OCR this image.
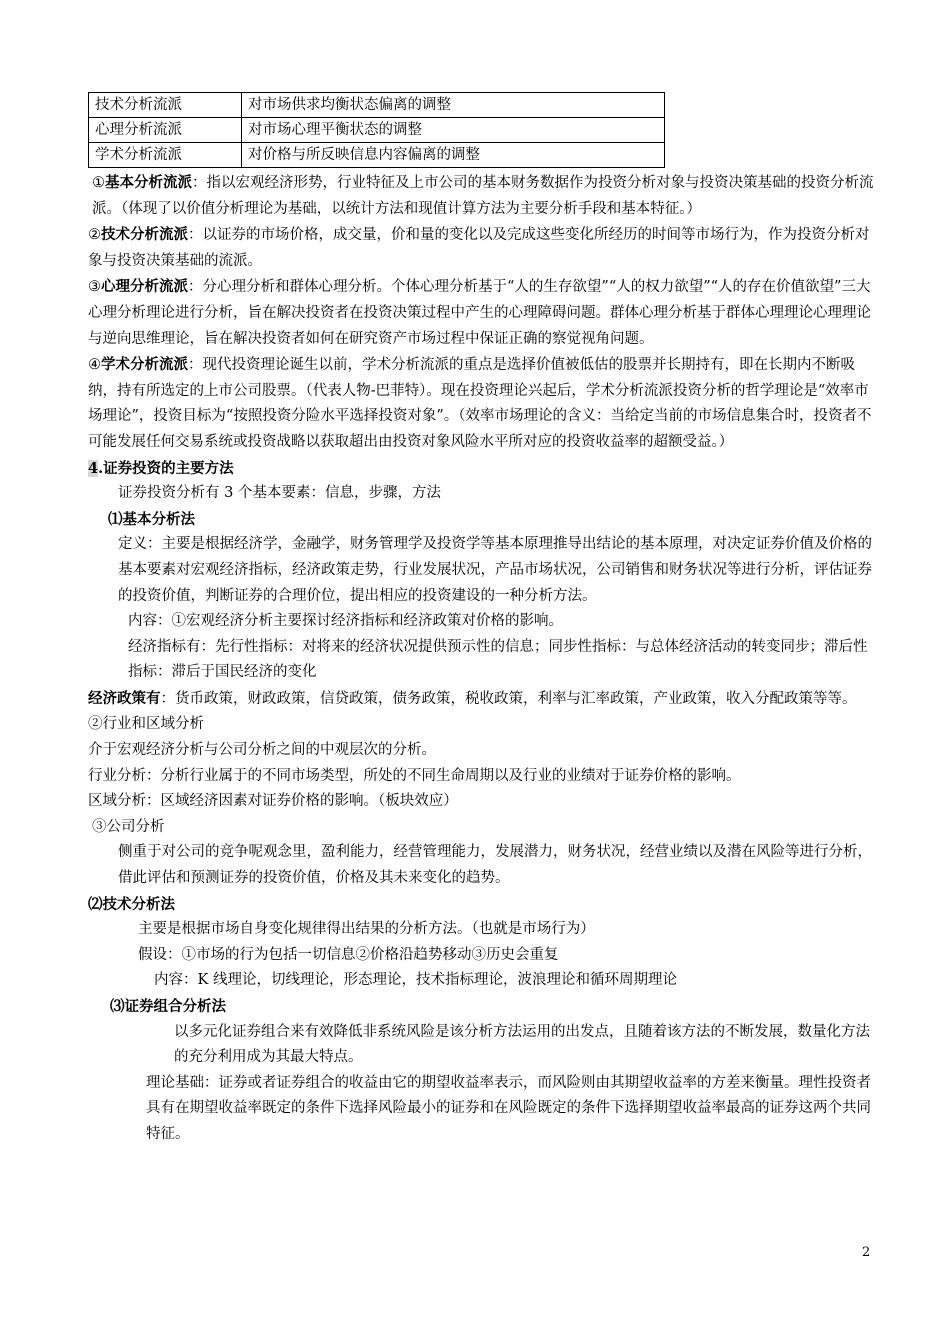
技术分析流派	对市场供求均衡状态偏离的调整
心理分析流派	对市场心理平衡状态的调整
学术分析流派	对价格与所反映信息内容偏离的调整

①基本分析流派：指以宏观经济形势，行业特征及上市公司的基本财务数据作为投资分析对象与投资决策基础的投资分析流派。（体现了以价值分析理论为基础，以统计方法和现值计算方法为主要分析手段和基本特征。）

②技术分析流派：以证券的市场价格，成交量，价和量的变化以及完成这些变化所经历的时间等市场行为，作为投资分析对象与投资决策基础的流派。

③心理分析流派：分心理分析和群体心理分析。个体心理分析基于“人的生存欲望”“人的权力欲望”“人的存在价值欲望”三大心理分析理论进行分析，旨在解决投资者在投资决策过程中产生的心理障碍问题。群体心理分析基于群体心理理论心理理论与逆向思维理论，旨在解决投资者如何在研究资产市场过程中保证正确的察觉视角问题。

④学术分析流派：现代投资理论诞生以前，学术分析流派的重点是选择价值被低估的股票并长期持有，即在长期内不断吸纳，持有所选定的上市公司股票。（代表人物-巴菲特）。现在投资理论兴起后，学术分析流派投资分析的哲学理论是“效率市场理论”，投资目标为“按照投资分险水平选择投资对象”。（效率市场理论的含义：当给定当前的市场信息集合时，投资者不可能发展任何交易系统或投资战略以获取超出由投资对象风险水平所对应的投资收益率的超额受益。）

4.证券投资的主要方法

证券投资分析有 3 个基本要素：信息，步骤，方法

⑴基本分析法

定义：主要是根据经济学，金融学，财务管理学及投资学等基本原理推导出结论的基本原理，对决定证券价值及价格的基本要素对宏观经济指标，经济政策走势，行业发展状况，产品市场状况，公司销售和财务状况等进行分析，评估证券的投资价值，判断证券的合理价位，提出相应的投资建设的一种分析方法。

内容：①宏观经济分析主要探讨经济指标和经济政策对价格的影响。

经济指标有：先行性指标：对将来的经济状况提供预示性的信息；同步性指标：与总体经济活动的转变同步；滞后性指标：滞后于国民经济的变化

经济政策有：货币政策，财政政策，信贷政策，债务政策，税收政策，利率与汇率政策，产业政策，收入分配政策等等。

②行业和区域分析

介于宏观经济分析与公司分析之间的中观层次的分析。

行业分析：分析行业属于的不同市场类型，所处的不同生命周期以及行业的业绩对于证券价格的影响。

区域分析：区域经济因素对证券价格的影响。（板块效应）

③公司分析

侧重于对公司的竞争呢观念里，盈利能力，经营管理能力，发展潜力，财务状况，经营业绩以及潜在风险等进行分析，借此评估和预测证券的投资价值，价格及其未来变化的趋势。

⑵技术分析法

主要是根据市场自身变化规律得出结果的分析方法。（也就是市场行为）

假设：①市场的行为包括一切信息②价格沿趋势移动③历史会重复

内容：K 线理论，切线理论，形态理论，技术指标理论，波浪理论和循环周期理论

⑶证券组合分析法

以多元化证券组合来有效降低非系统风险是该分析方法运用的出发点，且随着该方法的不断发展，数量化方法的充分利用成为其最大特点。

理论基础：证券或者证券组合的收益由它的期望收益率表示，而风险则由其期望收益率的方差来衡量。理性投资者具有在期望收益率既定的条件下选择风险最小的证券和在风险既定的条件下选择期望收益率最高的证券这两个共同特征。

2
